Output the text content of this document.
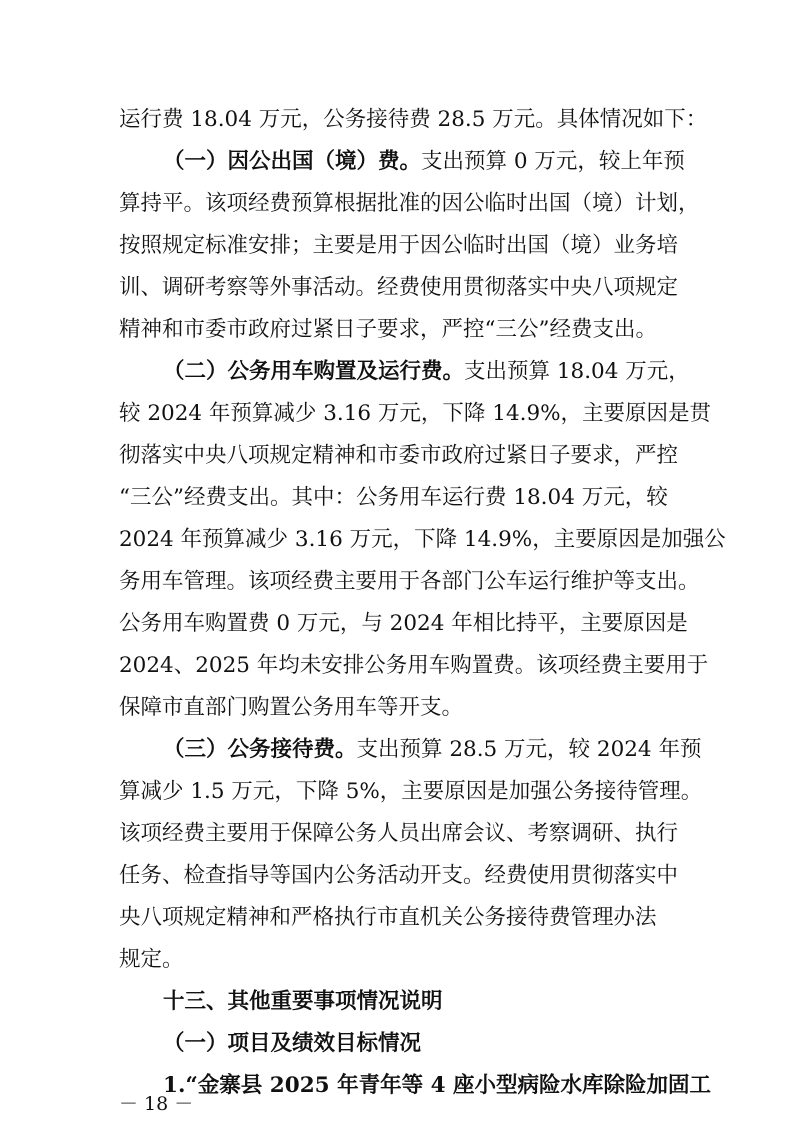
运行费 18.04 万元，公务接待费 28.5 万元。具体情况如下：
（一）因公出国（境）费。支出预算 0 万元，较上年预
算持平。该项经费预算根据批准的因公临时出国（境）计划，
按照规定标准安排；主要是用于因公临时出国（境）业务培
训、调研考察等外事活动。经费使用贯彻落实中央八项规定
精神和市委市政府过紧日子要求，严控“三公”经费支出。
（二）公务用车购置及运行费。支出预算 18.04 万元，
较 2024 年预算减少 3.16 万元，下降 14.9%，主要原因是贯
彻落实中央八项规定精神和市委市政府过紧日子要求，严控
“三公”经费支出。其中：公务用车运行费 18.04 万元，较
2024 年预算减少 3.16 万元，下降 14.9%，主要原因是加强公
务用车管理。该项经费主要用于各部门公车运行维护等支出。
公务用车购置费 0 万元，与 2024 年相比持平，主要原因是
2024、2025 年均未安排公务用车购置费。该项经费主要用于
保障市直部门购置公务用车等开支。
（三）公务接待费。支出预算 28.5 万元，较 2024 年预
算减少 1.5 万元，下降 5%，主要原因是加强公务接待管理。
该项经费主要用于保障公务人员出席会议、考察调研、执行
任务、检查指导等国内公务活动开支。经费使用贯彻落实中
央八项规定精神和严格执行市直机关公务接待费管理办法
规定。
十三、其他重要事项情况说明
（一）项目及绩效目标情况
1.“金寨县 2025 年青年等 4 座小型病险水库除险加固工
－ 18 －
